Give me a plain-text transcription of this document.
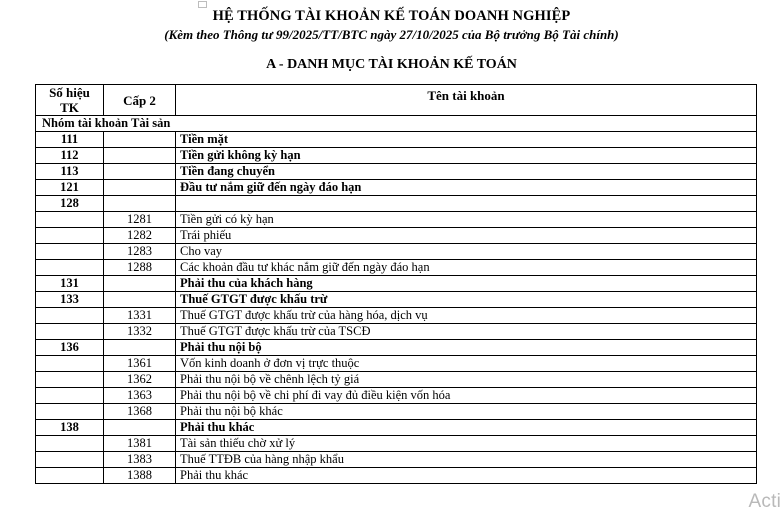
HỆ THỐNG TÀI KHOẢN KẾ TOÁN DOANH NGHIỆP
(Kèm theo Thông tư 99/2025/TT/BTC ngày 27/10/2025 của Bộ trưởng Bộ Tài chính)
A - DANH MỤC TÀI KHOẢN KẾ TOÁN
Số hiệu
TK	Cấp 2	Tên tài khoản
Nhóm tài khoản Tài sản		
111		Tiền mặt
112		Tiền gửi không kỳ hạn
113		Tiền đang chuyển
121		Đầu tư nắm giữ đến ngày đáo hạn
128		
	1281	Tiền gửi có kỳ hạn
	1282	Trái phiếu
	1283	Cho vay
	1288	Các khoản đầu tư khác nắm giữ đến ngày đáo hạn
131		Phải thu của khách hàng
133		Thuế GTGT được khấu trừ
	1331	Thuế GTGT được khấu trừ của hàng hóa, dịch vụ
	1332	Thuế GTGT được khấu trừ của TSCĐ
136		Phải thu nội bộ
	1361	Vốn kinh doanh ở đơn vị trực thuộc
	1362	Phải thu nội bộ về chênh lệch tỷ giá
	1363	Phải thu nội bộ về chi phí đi vay đủ điều kiện vốn hóa
	1368	Phải thu nội bộ khác
138		Phải thu khác
	1381	Tài sản thiếu chờ xử lý
	1383	Thuế TTĐB của hàng nhập khẩu
	1388	Phải thu khác
Acti
